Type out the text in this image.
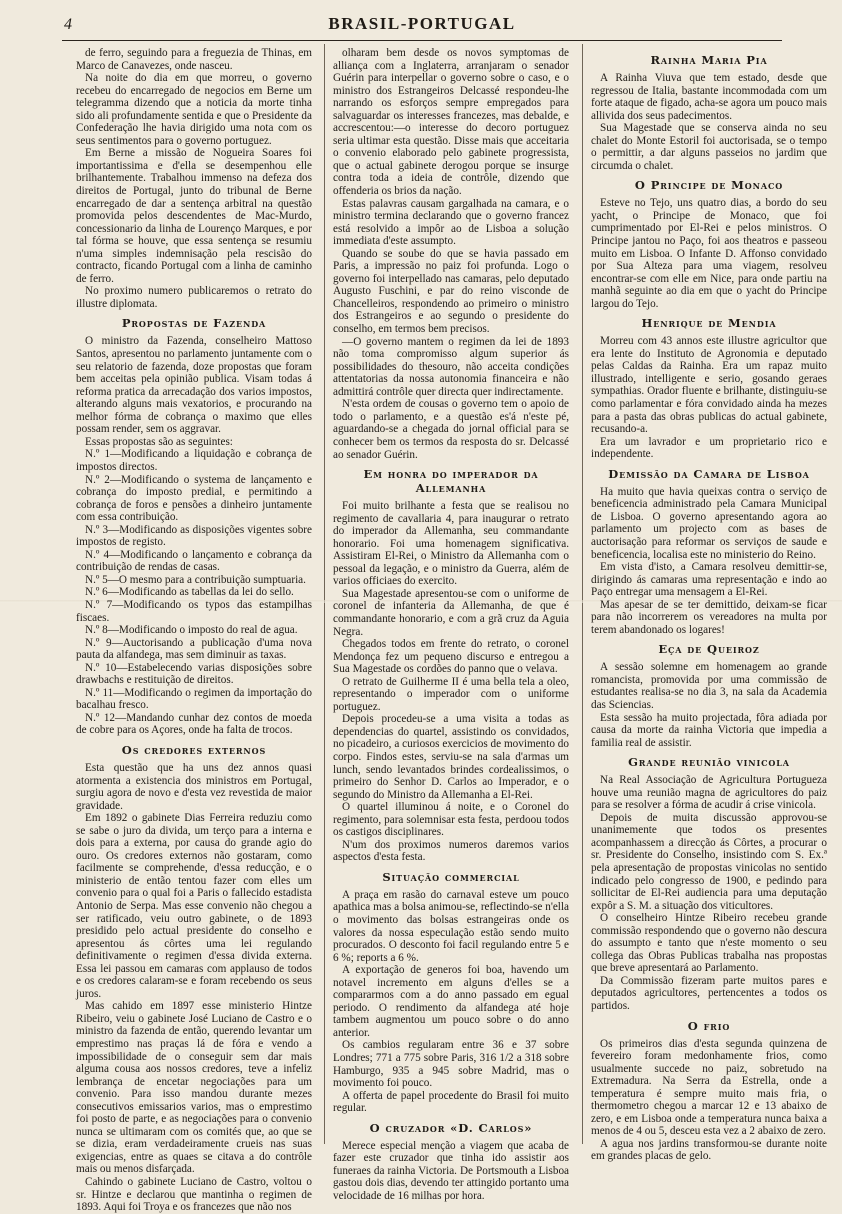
4	BRASIL-PORTUGAL

de ferro, seguindo para a freguezia de Thinas, em Marco de Canavezes, onde nasceu.

Na noite do dia em que morreu, o governo recebeu do encarregado de negocios em Berne um telegramma dizendo que a noticia da morte tinha sido ali profundamente sentida e que o Presidente da Confederação lhe havia dirigido uma nota com os seus sentimentos para o governo portuguez.

Em Berne a missão de Nogueira Soares foi importantissima e d'ella se desempenhou elle brilhantemente. Trabalhou immenso na defeza dos direitos de Portugal, junto do tribunal de Berne encarregado de dar a sentença arbitral na questão promovida pelos descendentes de Mac-Murdo, concessionario da linha de Lourenço Marques, e por tal fórma se houve, que essa sentença se resumiu n'uma simples indemnisação pela rescisão do contracto, ficando Portugal com a linha de caminho de ferro.

No proximo numero publicaremos o retrato do illustre diplomata.

Propostas de Fazenda

O ministro da Fazenda, conselheiro Mattoso Santos, apresentou no parlamento juntamente com o seu relatorio de fazenda, doze propostas que foram bem acceitas pela opinião publica. Visam todas á reforma pratica da arrecadação dos varios impostos, alterando alguns mais vexatorios, e procurando na melhor fórma de cobrança o maximo que elles possam render, sem os aggravar.

Essas propostas são as seguintes:

N.º 1—Modificando a liquidação e cobrança de impostos directos.

N.º 2—Modificando o systema de lançamento e cobrança do imposto predial, e permitindo a cobrança de foros e pensões a dinheiro juntamente com essa contribuição.

N.º 3—Modificando as disposições vigentes sobre impostos de registo.

N.º 4—Modificando o lançamento e cobrança da contribuição de rendas de casas.

N.º 5—O mesmo para a contribuição sumptuaria.

N.º 6—Modificando as tabellas da lei do sello.

N.º 7—Modificando os typos das estampilhas fiscaes.

N.º 8—Modificando o imposto do real de agua.

N.º 9—Auctorisando a publicação d'uma nova pauta da alfandega, mas sem diminuir as taxas.

N.º 10—Estabelecendo varias disposições sobre drawbachs e restituição de direitos.

N.º 11—Modificando o regimen da importação do bacalhau fresco.

N.º 12—Mandando cunhar dez contos de moeda de cobre para os Açores, onde ha falta de trocos.

Os credores externos

Esta questão que ha uns dez annos quasi atormenta a existencia dos ministros em Portugal, surgiu agora de novo e d'esta vez revestida de maior gravidade.

Em 1892 o gabinete Dias Ferreira reduziu como se sabe o juro da divida, um terço para a interna e dois para a externa, por causa do grande agio do ouro. Os credores externos não gostaram, como facilmente se comprehende, d'essa reducção, e o ministerio de então tentou fazer com elles um convenio para o qual foi a Paris o fallecido estadista Antonio de Serpa. Mas esse convenio não chegou a ser ratificado, veiu outro gabinete, o de 1893 presidido pelo actual presidente do conselho e apresentou ás côrtes uma lei regulando definitivamente o regimen d'essa divida externa. Essa lei passou em camaras com applauso de todos e os credores calaram-se e foram recebendo os seus juros.

Mas cahido em 1897 esse ministerio Hintze Ribeiro, veiu o gabinete José Luciano de Castro e o ministro da fazenda de então, querendo levantar um emprestimo nas praças lá de fóra e vendo a impossibilidade de o conseguir sem dar mais alguma cousa aos nossos credores, teve a infeliz lembrança de encetar negociações para um convenio. Para isso mandou durante mezes consecutivos emissarios varios, mas o emprestimo foi posto de parte, e as negociações para o convenio nunca se ultimaram com os comités que, ao que se se dizia, eram verdadeiramente crueis nas suas exigencias, entre as quaes se citava a do contrôle mais ou menos disfarçada.

Cahindo o gabinete Luciano de Castro, voltou o sr. Hintze e declarou que mantinha o regimen de 1893. Aqui foi Troya e os francezes que não nos

olharam bem desde os novos symptomas de alliança com a Inglaterra, arranjaram o senador Guérin para interpellar o governo sobre o caso, e o ministro dos Estrangeiros Delcassé respondeu-lhe narrando os esforços sempre empregados para salvaguardar os interesses francezes, mas debalde, e accrescentou:—o interesse do decoro portuguez seria ultimar esta questão. Disse mais que acceitaria o convenio elaborado pelo gabinete progressista, que o actual gabinete derogou porque se insurge contra toda a ideia de contrôle, dizendo que offenderia os brios da nação.

Estas palavras causam gargalhada na camara, e o ministro termina declarando que o governo francez está resolvido a impôr ao de Lisboa a solução immediata d'este assumpto.

Quando se soube do que se havia passado em Paris, a impressão no paiz foi profunda. Logo o governo foi interpellado nas camaras, pelo deputado Augusto Fuschini, e par do reino visconde de Chancelleiros, respondendo ao primeiro o ministro dos Estrangeiros e ao segundo o presidente do conselho, em termos bem precisos.

—O governo mantem o regimen da lei de 1893 não toma compromisso algum superior ás possibilidades do thesouro, não acceita condições attentatorias da nossa autonomia financeira e não admittirá contrôle quer directa quer indirectamente.

N'esta ordem de cousas o governo tem o apoio de todo o parlamento, e a questão es'á n'este pé, aguardando-se a chegada do jornal official para se conhecer bem os termos da resposta do sr. Delcassé ao senador Guérin.

Em honra do imperador da Allemanha

Foi muito brilhante a festa que se realisou no regimento de cavallaria 4, para inaugurar o retrato do imperador da Allemanha, seu commandante honorario. Foi uma homenagem significativa. Assistiram El-Rei, o Ministro da Allemanha com o pessoal da legação, e o ministro da Guerra, além de varios officiaes do exercito.

Sua Magestade apresentou-se com o uniforme de coronel de infanteria da Allemanha, de que é commandante honorario, e com a grã cruz da Aguia Negra.

Chegados todos em frente do retrato, o coronel Mendonça fez um pequeno discurso e entregou a Sua Magestade os cordões do panno que o velava.

O retrato de Guilherme II é uma bella tela a oleo, representando o imperador com o uniforme portuguez.

Depois procedeu-se a uma visita a todas as dependencias do quartel, assistindo os convidados, no picadeiro, a curiosos exercicios de movimento do corpo. Findos estes, serviu-se na sala d'armas um lunch, sendo levantados brindes cordealissimos, o primeiro do Senhor D. Carlos ao Imperador, e o segundo do Ministro da Allemanha a El-Rei.

O quartel illuminou á noite, e o Coronel do regimento, para solemnisar esta festa, perdoou todos os castigos disciplinares.

N'um dos proximos numeros daremos varios aspectos d'esta festa.

Situação commercial

A praça em rasão do carnaval esteve um pouco apathica mas a bolsa animou-se, reflectindo-se n'ella o movimento das bolsas estrangeiras onde os valores da nossa especulação estão sendo muito procurados. O desconto foi facil regulando entre 5 e 6 %; reports a 6 %.

A exportação de generos foi boa, havendo um notavel incremento em alguns d'elles se a compararmos com a do anno passado em egual periodo. O rendimento da alfandega até hoje tambem augmentou um pouco sobre o do anno anterior.

Os cambios regularam entre 36 e 37 sobre Londres; 771 a 775 sobre Paris, 316 1/2 a 318 sobre Hamburgo, 935 a 945 sobre Madrid, mas o movimento foi pouco.

A offerta de papel procedente do Brasil foi muito regular.

O cruzador «D. Carlos»

Merece especial menção a viagem que acaba de fazer este cruzador que tinha ido assistir aos funeraes da rainha Victoria. De Portsmouth a Lisboa gastou dois dias, devendo ter attingido portanto uma velocidade de 16 milhas por hora.

Rainha Maria Pia

A Rainha Viuva que tem estado, desde que regressou de Italia, bastante incommodada com um forte ataque de figado, acha-se agora um pouco mais allivida dos seus padecimentos.

Sua Magestade que se conserva ainda no seu chalet do Monte Estoril foi auctorisada, se o tempo o permittir, a dar alguns passeios no jardim que circumda o chalet.

O Principe de Monaco

Esteve no Tejo, uns quatro dias, a bordo do seu yacht, o Principe de Monaco, que foi cumprimentado por El-Rei e pelos ministros. O Principe jantou no Paço, foi aos theatros e passeou muito em Lisboa. O Infante D. Affonso convidado por Sua Alteza para uma viagem, resolveu encontrar-se com elle em Nice, para onde partiu na manhã seguinte ao dia em que o yacht do Principe largou do Tejo.

Henrique de Mendia

Morreu com 43 annos este illustre agricultor que era lente do Instituto de Agronomia e deputado pelas Caldas da Rainha. Era um rapaz muito illustrado, intelligente e serio, gosando geraes sympathias. Orador fluente e brilhante, distinguiu-se como parlamentar e fóra convidado ainda ha mezes para a pasta das obras publicas do actual gabinete, recusando-a.

Era um lavrador e um proprietario rico e independente.

Demissão da Camara de Lisboa

Ha muito que havia queixas contra o serviço de beneficencia administrado pela Camara Municipal de Lisboa. O governo apresentando agora ao parlamento um projecto com as bases de auctorisação para reformar os serviços de saude e beneficencia, localisa este no ministerio do Reino.

Em vista d'isto, a Camara resolveu demittir-se, dirigindo ás camaras uma representação e indo ao Paço entregar uma mensagem a El-Rei.

Mas apesar de se ter demittido, deixam-se ficar para não incorrerem os vereadores na multa por terem abandonado os logares!

Eça de Queiroz

A sessão solemne em homenagem ao grande romancista, promovida por uma commissão de estudantes realisa-se no dia 3, na sala da Academia das Sciencias.

Esta sessão ha muito projectada, fôra adiada por causa da morte da rainha Victoria que impedia a familia real de assistir.

Grande reunião vinicola

Na Real Associação de Agricultura Portugueza houve uma reunião magna de agricultores do paiz para se resolver a fórma de acudir á crise vinicola.

Depois de muita discussão approvou-se unanimemente que todos os presentes acompanhassem a direcção ás Côrtes, a procurar o sr. Presidente do Conselho, insistindo com S. Ex.ª pela apresentação de propostas vinicolas no sentido indicado pelo congresso de 1900, e pedindo para sollicitar de El-Rei audiencia para uma deputação expôr a S. M. a situação dos viticultores.

O conselheiro Hintze Ribeiro recebeu grande commissão respondendo que o governo não descura do assumpto e tanto que n'este momento o seu collega das Obras Publicas trabalha nas propostas que breve apresentará ao Parlamento.

Da Commissão fizeram parte muitos pares e deputados agricultores, pertencentes a todos os partidos.

O frio

Os primeiros dias d'esta segunda quinzena de fevereiro foram medonhamente frios, como usualmente succede no paiz, sobretudo na Extremadura. Na Serra da Estrella, onde a temperatura é sempre muito mais fria, o thermometro chegou a marcar 12 e 13 abaixo de zero, e em Lisboa onde a temperatura nunca baixa a menos de 4 ou 5, desceu esta vez a 2 abaixo de zero.

A agua nos jardins transformou-se durante noite em grandes placas de gelo.
